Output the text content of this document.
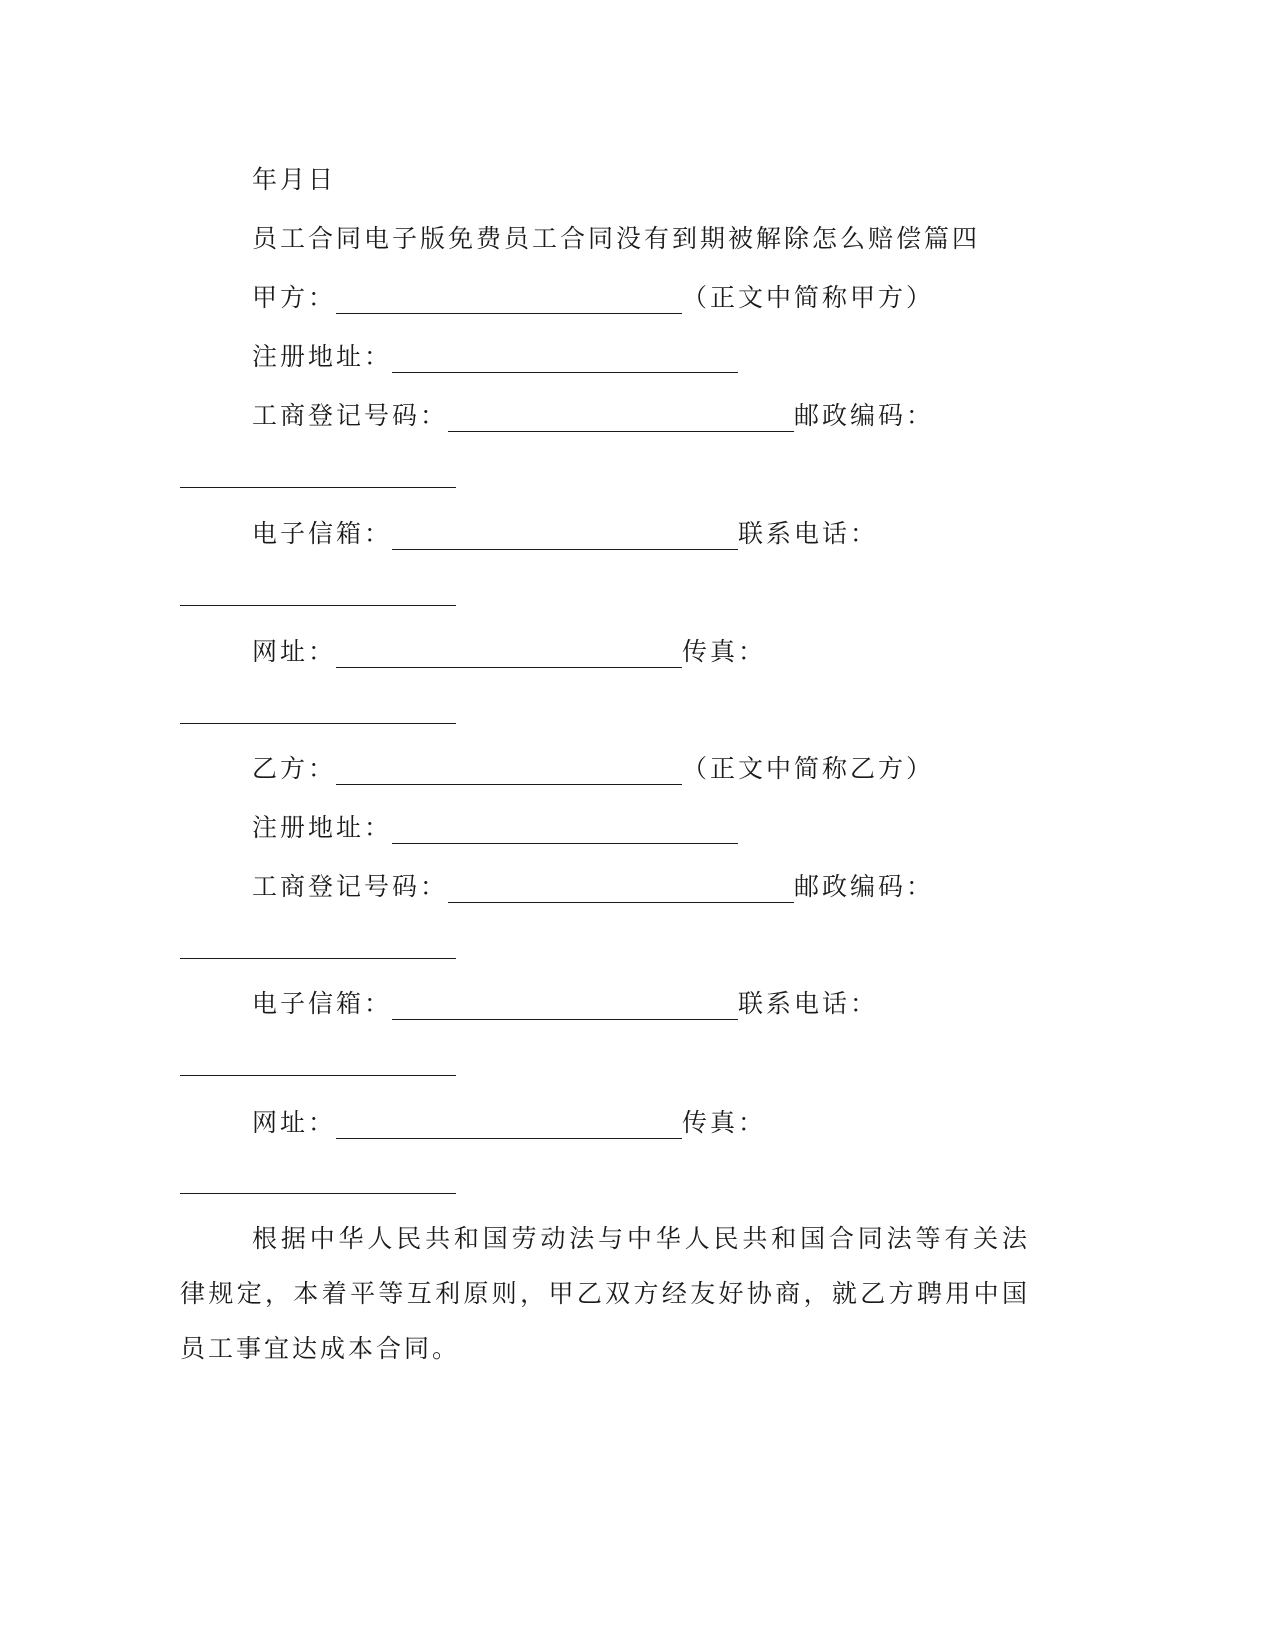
年月日
员工合同电子版免费员工合同没有到期被解除怎么赔偿篇四
甲方：	（正文中简称甲方）
注册地址：
工商登记号码：	邮政编码：
电子信箱：	联系电话：
网址：	传真：
乙方：	（正文中简称乙方）
注册地址：
工商登记号码：	邮政编码：
电子信箱：	联系电话：
网址：	传真：
根据中华人民共和国劳动法与中华人民共和国合同法等有关法律规定，本着平等互利原则，甲乙双方经友好协商，就乙方聘用中国员工事宜达成本合同。
